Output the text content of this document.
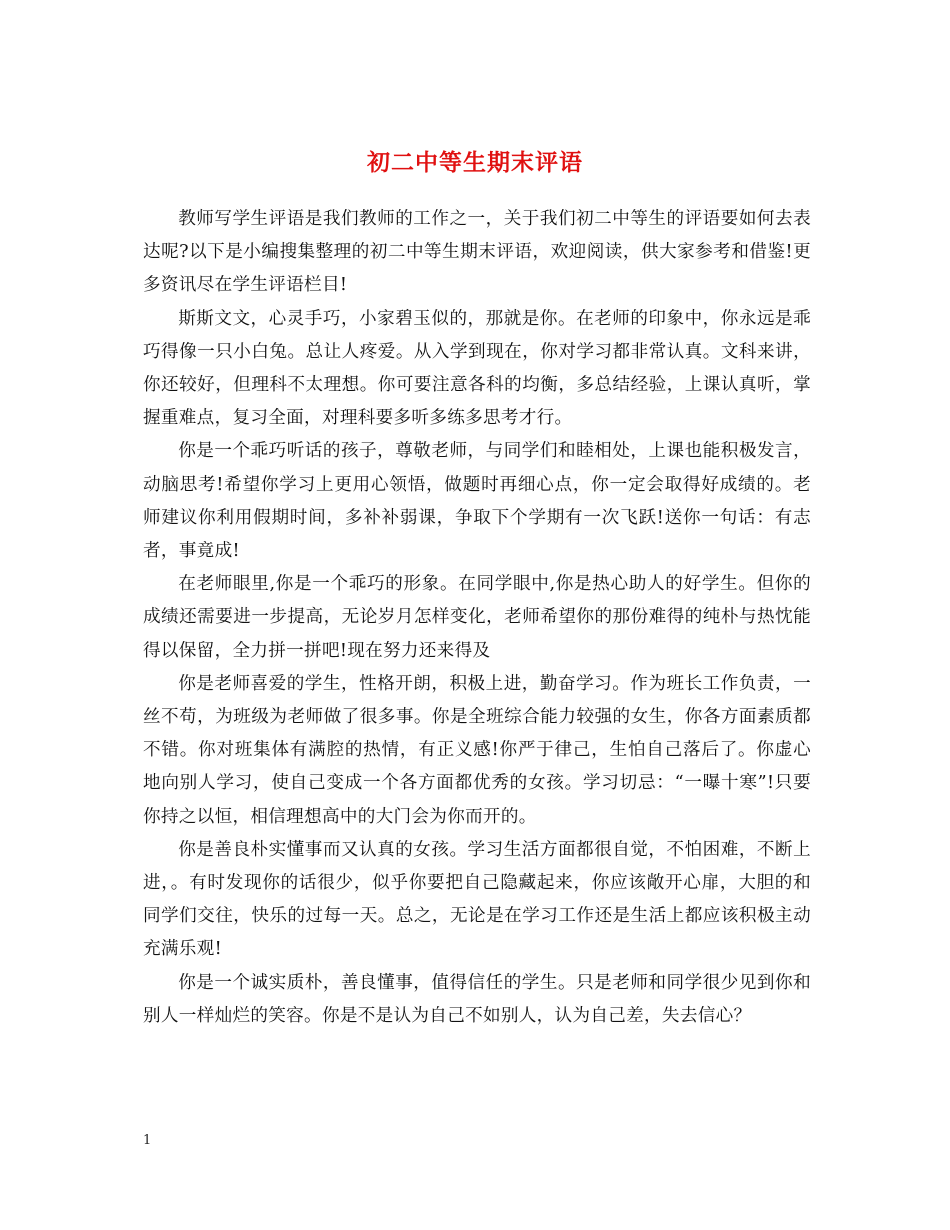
初二中等生期末评语

教师写学生评语是我们教师的工作之一，关于我们初二中等生的评语要如何去表达呢?以下是小编搜集整理的初二中等生期末评语，欢迎阅读，供大家参考和借鉴!更多资讯尽在学生评语栏目!

斯斯文文，心灵手巧，小家碧玉似的，那就是你。在老师的印象中，你永远是乖巧得像一只小白兔。总让人疼爱。从入学到现在，你对学习都非常认真。文科来讲，你还较好，但理科不太理想。你可要注意各科的均衡，多总结经验，上课认真听，掌握重难点，复习全面，对理科要多听多练多思考才行。

你是一个乖巧听话的孩子，尊敬老师，与同学们和睦相处，上课也能积极发言，动脑思考!希望你学习上更用心领悟，做题时再细心点，你一定会取得好成绩的。老师建议你利用假期时间，多补补弱课，争取下个学期有一次飞跃!送你一句话：有志者，事竟成!

在老师眼里,你是一个乖巧的形象。在同学眼中,你是热心助人的好学生。但你的成绩还需要进一步提高，无论岁月怎样变化，老师希望你的那份难得的纯朴与热忱能得以保留，全力拼一拼吧!现在努力还来得及

你是老师喜爱的学生，性格开朗，积极上进，勤奋学习。作为班长工作负责，一丝不苟，为班级为老师做了很多事。你是全班综合能力较强的女生，你各方面素质都不错。你对班集体有满腔的热情，有正义感!你严于律己，生怕自己落后了。你虚心地向别人学习，使自己变成一个各方面都优秀的女孩。学习切忌：“一曝十寒”!只要你持之以恒，相信理想高中的大门会为你而开的。

你是善良朴实懂事而又认真的女孩。学习生活方面都很自觉，不怕困难，不断上进，。有时发现你的话很少，似乎你要把自己隐藏起来，你应该敞开心扉，大胆的和同学们交往，快乐的过每一天。总之，无论是在学习工作还是生活上都应该积极主动充满乐观!

你是一个诚实质朴，善良懂事，值得信任的学生。只是老师和同学很少见到你和别人一样灿烂的笑容。你是不是认为自己不如别人，认为自己差，失去信心？

1
